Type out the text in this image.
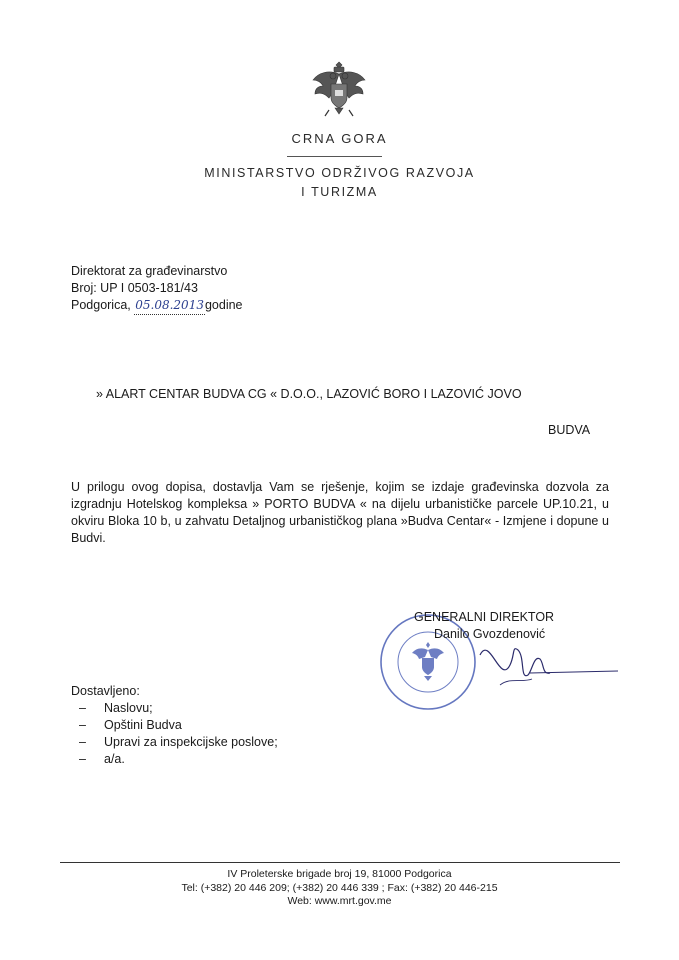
CRNA GORA
MINISTARSTVO ODRŽIVOG RAZVOJA
I TURIZMA
Direktorat za građevinarstvo
Broj: UP I 0503-181/43
Podgorica, 05.08.2013godine
» ALART CENTAR BUDVA CG « D.O.O., LAZOVIĆ BORO I LAZOVIĆ JOVO
BUDVA
U prilogu ovog dopisa, dostavlja Vam se rješenje, kojim se izdaje građevinska dozvola za izgradnju Hotelskog kompleksa » PORTO BUDVA « na dijelu urbanističke parcele UP.10.21, u okviru Bloka 10 b, u zahvatu Detaljnog urbanističkog plana »Budva Centar« - Izmjene i dopune u Budvi.
GENERALNI DIREKTOR
Danilo Gvozdenović
Dostavljeno:
– Naslovu;
– Opštini Budva
– Upravi za inspekcijske poslove;
– a/a.
IV Proleterske brigade broj 19, 81000 Podgorica
Tel: (+382) 20 446 209; (+382) 20 446 339 ; Fax: (+382) 20 446-215
Web: www.mrt.gov.me
